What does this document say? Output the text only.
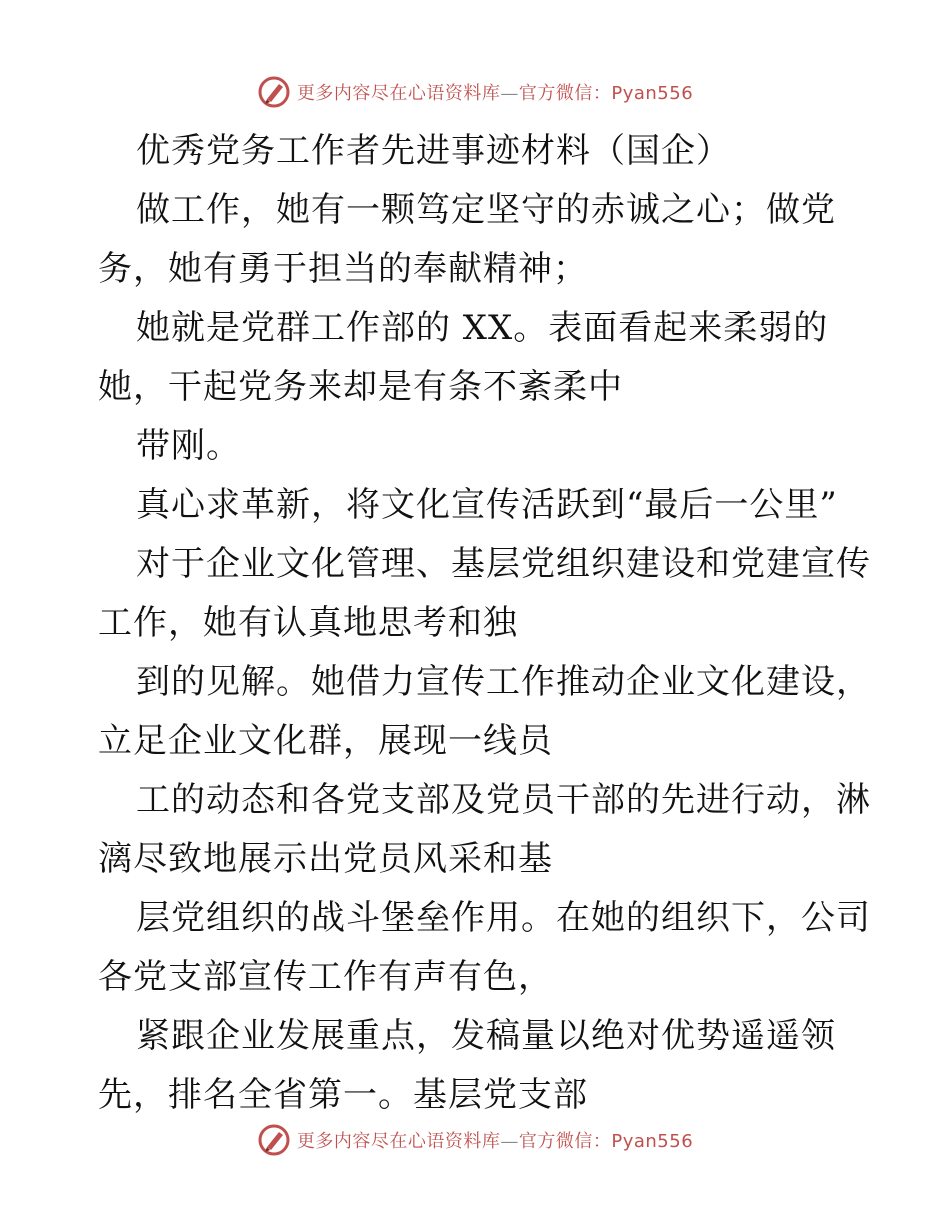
更多内容尽在心语资料库—官方微信：Pyan556
优秀党务工作者先进事迹材料（国企）
做工作，她有一颗笃定坚守的赤诚之心；做党
务，她有勇于担当的奉献精神；
她就是党群工作部的 XX。表面看起来柔弱的
她，干起党务来却是有条不紊柔中
带刚。
真心求革新，将文化宣传活跃到“最后一公里”
对于企业文化管理、基层党组织建设和党建宣传
工作，她有认真地思考和独
到的见解。她借力宣传工作推动企业文化建设，
立足企业文化群，展现一线员
工的动态和各党支部及党员干部的先进行动，淋
漓尽致地展示出党员风采和基
层党组织的战斗堡垒作用。在她的组织下，公司
各党支部宣传工作有声有色，
紧跟企业发展重点，发稿量以绝对优势遥遥领
先，排名全省第一。基层党支部
更多内容尽在心语资料库—官方微信：Pyan556
